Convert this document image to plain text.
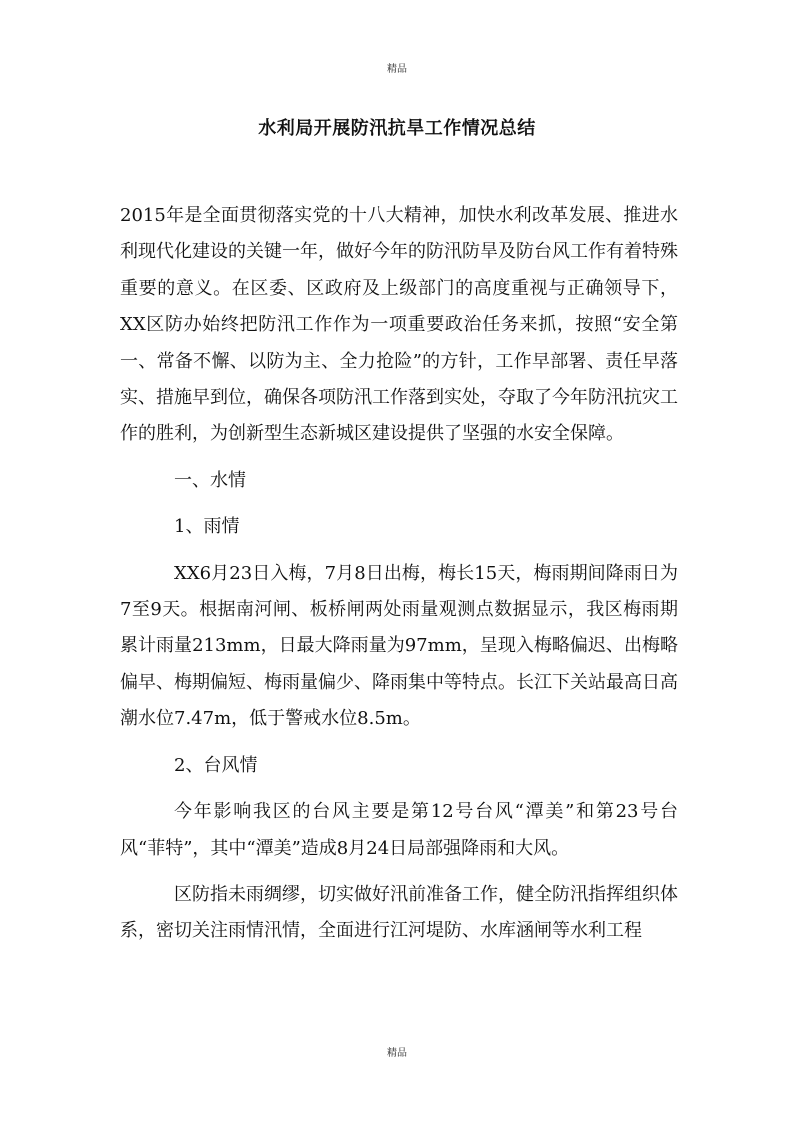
精品
水利局开展防汛抗旱工作情况总结

2015年是全面贯彻落实党的十八大精神，加快水利改革发展、推进水利现代化建设的关键一年，做好今年的防汛防旱及防台风工作有着特殊重要的意义。在区委、区政府及上级部门的高度重视与正确领导下，XX区防办始终把防汛工作作为一项重要政治任务来抓，按照“安全第一、常备不懈、以防为主、全力抢险”的方针，工作早部署、责任早落实、措施早到位，确保各项防汛工作落到实处，夺取了今年防汛抗灾工作的胜利，为创新型生态新城区建设提供了坚强的水安全保障。

一、水情

1、雨情

XX6月23日入梅，7月8日出梅，梅长15天，梅雨期间降雨日为7至9天。根据南河闸、板桥闸两处雨量观测点数据显示，我区梅雨期累计雨量213mm，日最大降雨量为97mm，呈现入梅略偏迟、出梅略偏早、梅期偏短、梅雨量偏少、降雨集中等特点。长江下关站最高日高潮水位7.47m，低于警戒水位8.5m。

2、台风情

今年影响我区的台风主要是第12号台风“潭美”和第23号台风“菲特”，其中“潭美”造成8月24日局部强降雨和大风。

区防指未雨绸缪，切实做好汛前准备工作，健全防汛指挥组织体系，密切关注雨情汛情，全面进行江河堤防、水库涵闸等水利工程

精品
